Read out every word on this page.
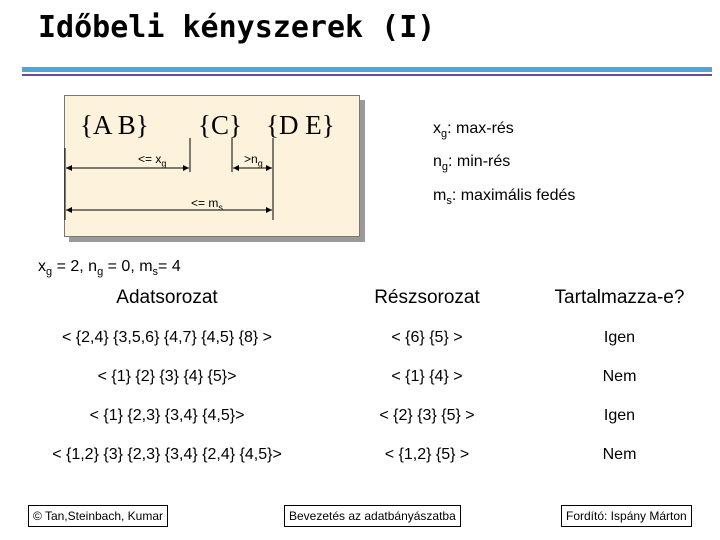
Időbeli kényszerek (I)
{A B} {C} {D E}
<= $x_g$	$>n_g$
<= $m_s$
$x_g$: max-rés
$n_g$: min-rés
$m_s$: maximális fedés
$x_g = 2$, $n_g = 0$, $m_s= 4$
Adatsorozat	Részsorozat	Tartalmazza-e?
< {2,4} {3,5,6} {4,7} {4,5} {8} >	< {6} {5} >	Igen
< {1} {2} {3} {4} {5}>	< {1} {4} >	Nem
< {1} {2,3} {3,4} {4,5}>	< {2} {3} {5} >	Igen
< {1,2} {3} {2,3} {3,4} {2,4} {4,5}>	< {1,2} {5} >	Nem
© Tan,Steinbach, Kumar	Bevezetés az adatbányászatba	Fordító: Ispány Márton
